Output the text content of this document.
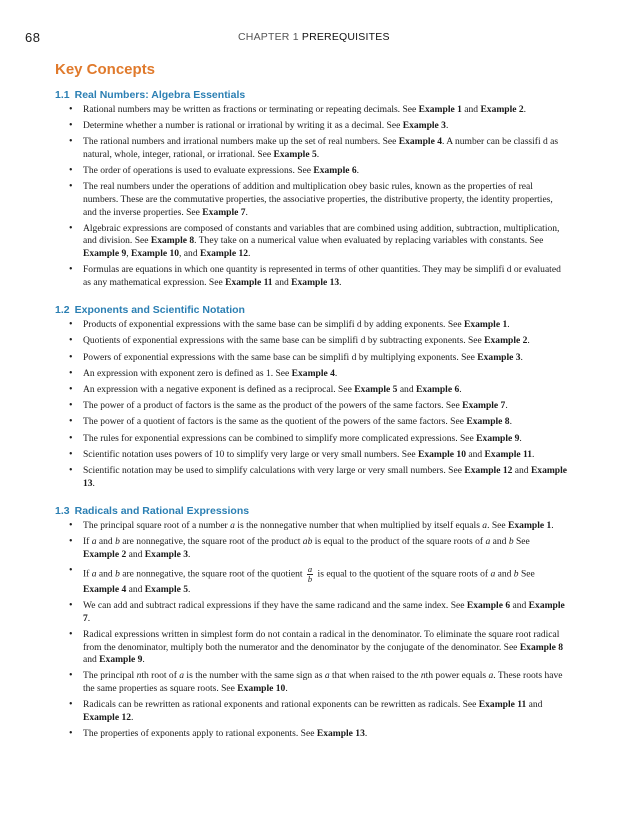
68	CHAPTER 1 PREREQUISITES
Key Concepts
1.1 Real Numbers: Algebra Essentials
• Rational numbers may be written as fractions or terminating or repeating decimals. See Example 1 and Example 2.
• Determine whether a number is rational or irrational by writing it as a decimal. See Example 3.
• The rational numbers and irrational numbers make up the set of real numbers. See Example 4. A number can be classifi d as natural, whole, integer, rational, or irrational. See Example 5.
• The order of operations is used to evaluate expressions. See Example 6.
• The real numbers under the operations of addition and multiplication obey basic rules, known as the properties of real numbers. These are the commutative properties, the associative properties, the distributive property, the identity properties, and the inverse properties. See Example 7.
• Algebraic expressions are composed of constants and variables that are combined using addition, subtraction, multiplication, and division. See Example 8. They take on a numerical value when evaluated by replacing variables with constants. See Example 9, Example 10, and Example 12.
• Formulas are equations in which one quantity is represented in terms of other quantities. They may be simplifi d or evaluated as any mathematical expression. See Example 11 and Example 13.
1.2 Exponents and Scientific Notation
• Products of exponential expressions with the same base can be simplifi d by adding exponents. See Example 1.
• Quotients of exponential expressions with the same base can be simplifi d by subtracting exponents. See Example 2.
• Powers of exponential expressions with the same base can be simplifi d by multiplying exponents. See Example 3.
• An expression with exponent zero is defined as 1. See Example 4.
• An expression with a negative exponent is defined as a reciprocal. See Example 5 and Example 6.
• The power of a product of factors is the same as the product of the powers of the same factors. See Example 7.
• The power of a quotient of factors is the same as the quotient of the powers of the same factors. See Example 8.
• The rules for exponential expressions can be combined to simplify more complicated expressions. See Example 9.
• Scientific notation uses powers of 10 to simplify very large or very small numbers. See Example 10 and Example 11.
• Scientific notation may be used to simplify calculations with very large or very small numbers. See Example 12 and Example 13.
1.3 Radicals and Rational Expressions
• The principal square root of a number a is the nonnegative number that when multiplied by itself equals a. See Example 1.
• If a and b are nonnegative, the square root of the product ab is equal to the product of the square roots of a and b See Example 2 and Example 3.
• If a and b are nonnegative, the square root of the quotient $\frac{a}{b}$ is equal to the quotient of the square roots of a and b See Example 4 and Example 5.
• We can add and subtract radical expressions if they have the same radicand and the same index. See Example 6 and Example 7.
• Radical expressions written in simplest form do not contain a radical in the denominator. To eliminate the square root radical from the denominator, multiply both the numerator and the denominator by the conjugate of the denominator. See Example 8 and Example 9.
• The principal nth root of a is the number with the same sign as a that when raised to the nth power equals a. These roots have the same properties as square roots. See Example 10.
• Radicals can be rewritten as rational exponents and rational exponents can be rewritten as radicals. See Example 11 and Example 12.
• The properties of exponents apply to rational exponents. See Example 13.
